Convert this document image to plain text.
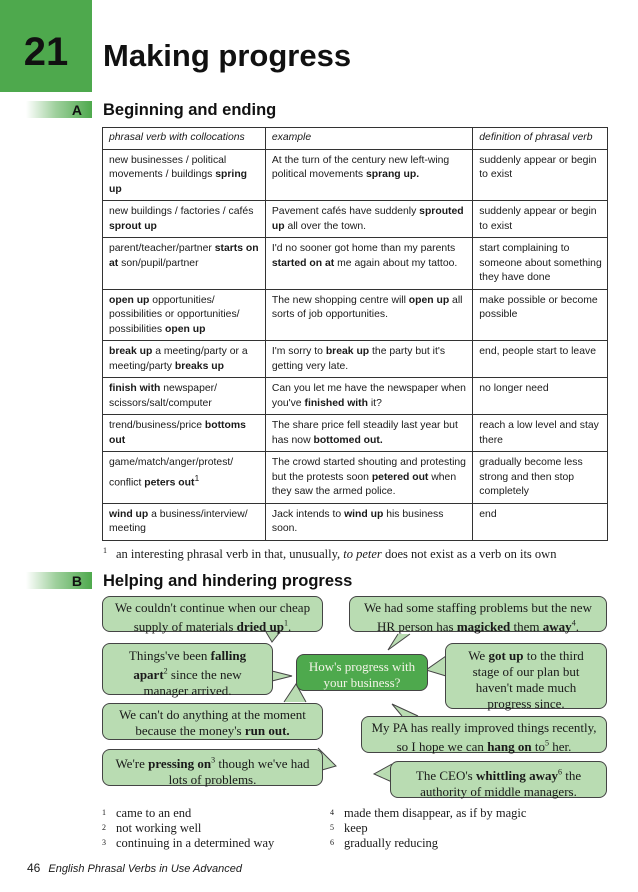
21	Making progress
A Beginning and ending
phrasal verb with collocations	example	definition of phrasal verb
new businesses / political movements / buildings spring up	At the turn of the century new left-wing political movements sprang up.	suddenly appear or begin to exist
new buildings / factories / cafés sprout up	Pavement cafés have suddenly sprouted up all over the town.	suddenly appear or begin to exist
parent/teacher/partner starts on at son/pupil/partner	I'd no sooner got home than my parents started on at me again about my tattoo.	start complaining to someone about something they have done
open up opportunities/ possibilities or opportunities/ possibilities open up	The new shopping centre will open up all sorts of job opportunities.	make possible or become possible
break up a meeting/party or a meeting/party breaks up	I'm sorry to break up the party but it's getting very late.	end, people start to leave
finish with newspaper/ scissors/salt/computer	Can you let me have the newspaper when you've finished with it?	no longer need
trend/business/price bottoms out	The share price fell steadily last year but has now bottomed out.	reach a low level and stay there
game/match/anger/protest/ conflict peters out$^1$	The crowd started shouting and protesting but the protests soon petered out when they saw the armed police.	gradually become less strong and then stop completely
wind up a business/interview/ meeting	Jack intends to wind up his business soon.	end
$^1$ an interesting phrasal verb in that, unusually, to peter does not exist as a verb on its own
B Helping and hindering progress
We couldn't continue when our cheap supply of materials dried $up^1$.
We had some staffing problems but the new HR person has magicked them away$^4$.
Things've been falling apart$^2$ since the new manager arrived.
How's progress with your business?
We got up to the third stage of our plan but haven't made much progress since.
We can't do anything at the moment because the money's run out.	My PA has really improved things recently, so I hope we can hang on $to^5$ her.
We're pressing $on^3$ though we've had lots of problems.	The CEO's whittling away$^6$ the authority of middle managers.
$^1$ came to an end
$^2$ not working well
$^3$ continuing in a determined way
$^4$ made them disappear, as if by magic
$^5$ keep
$^6$ gradually reducing
46 English Phrasal Verbs in Use Advanced
